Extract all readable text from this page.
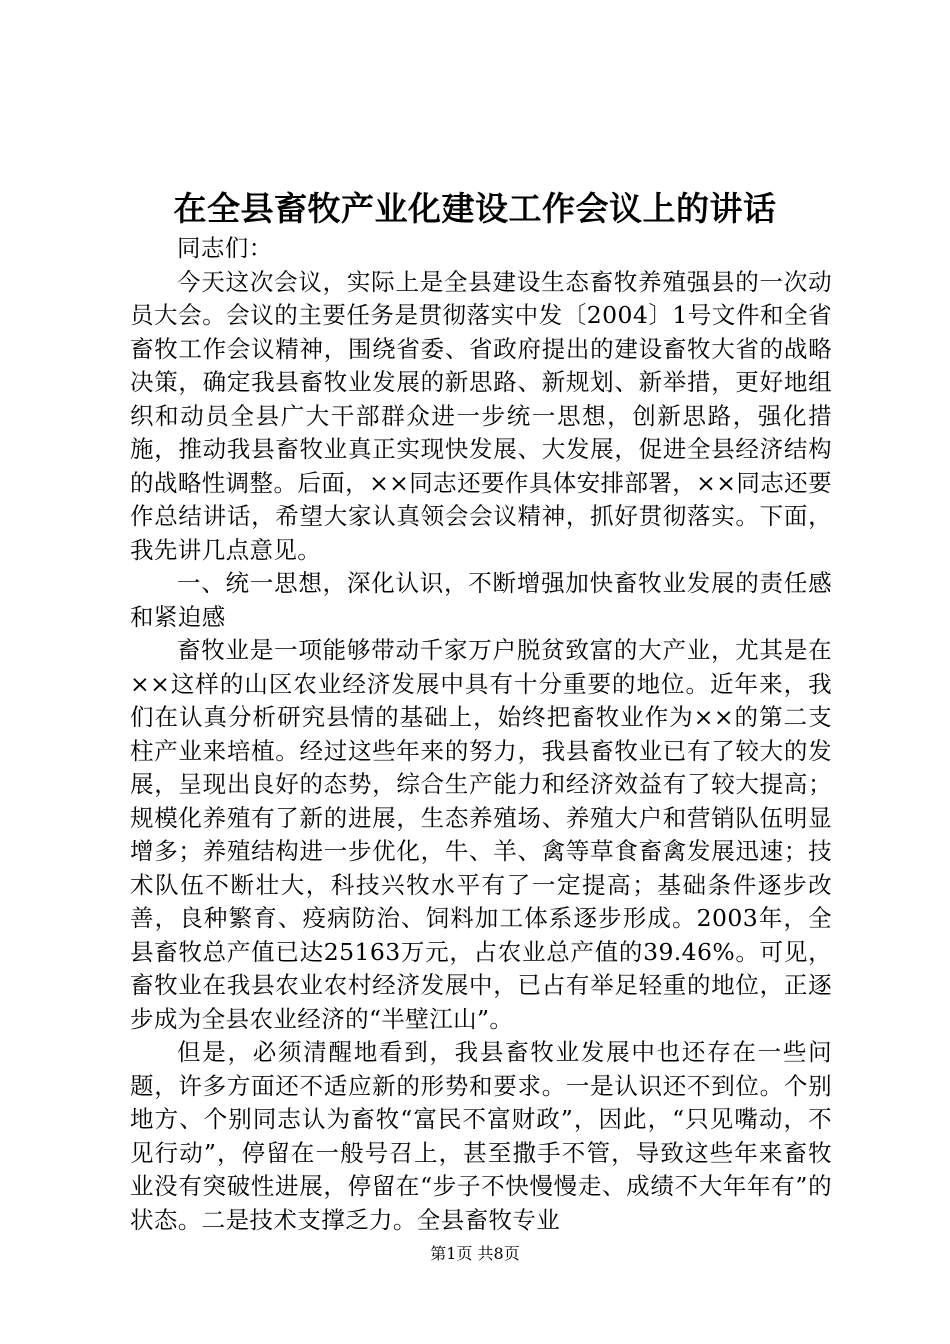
在全县畜牧产业化建设工作会议上的讲话

同志们：

今天这次会议，实际上是全县建设生态畜牧养殖强县的一次动员大会。会议的主要任务是贯彻落实中发〔2004〕1号文件和全省畜牧工作会议精神，围绕省委、省政府提出的建设畜牧大省的战略决策，确定我县畜牧业发展的新思路、新规划、新举措，更好地组织和动员全县广大干部群众进一步统一思想，创新思路，强化措施，推动我县畜牧业真正实现快发展、大发展，促进全县经济结构的战略性调整。后面，××同志还要作具体安排部署，××同志还要作总结讲话，希望大家认真领会会议精神，抓好贯彻落实。下面，我先讲几点意见。

一、统一思想，深化认识，不断增强加快畜牧业发展的责任感和紧迫感

畜牧业是一项能够带动千家万户脱贫致富的大产业，尤其是在××这样的山区农业经济发展中具有十分重要的地位。近年来，我们在认真分析研究县情的基础上，始终把畜牧业作为××的第二支柱产业来培植。经过这些年来的努力，我县畜牧业已有了较大的发展，呈现出良好的态势，综合生产能力和经济效益有了较大提高；规模化养殖有了新的进展，生态养殖场、养殖大户和营销队伍明显增多；养殖结构进一步优化，牛、羊、禽等草食畜禽发展迅速；技术队伍不断壮大，科技兴牧水平有了一定提高；基础条件逐步改善，良种繁育、疫病防治、饲料加工体系逐步形成。2003年，全县畜牧总产值已达25163万元，占农业总产值的39.46%。可见，畜牧业在我县农业农村经济发展中，已占有举足轻重的地位，正逐步成为全县农业经济的“半壁江山”。

但是，必须清醒地看到，我县畜牧业发展中也还存在一些问题，许多方面还不适应新的形势和要求。一是认识还不到位。个别地方、个别同志认为畜牧“富民不富财政”，因此，“只见嘴动，不见行动”，停留在一般号召上，甚至撒手不管，导致这些年来畜牧业没有突破性进展，停留在“步子不快慢慢走、成绩不大年年有”的状态。二是技术支撑乏力。全县畜牧专业

第1页 共8页
